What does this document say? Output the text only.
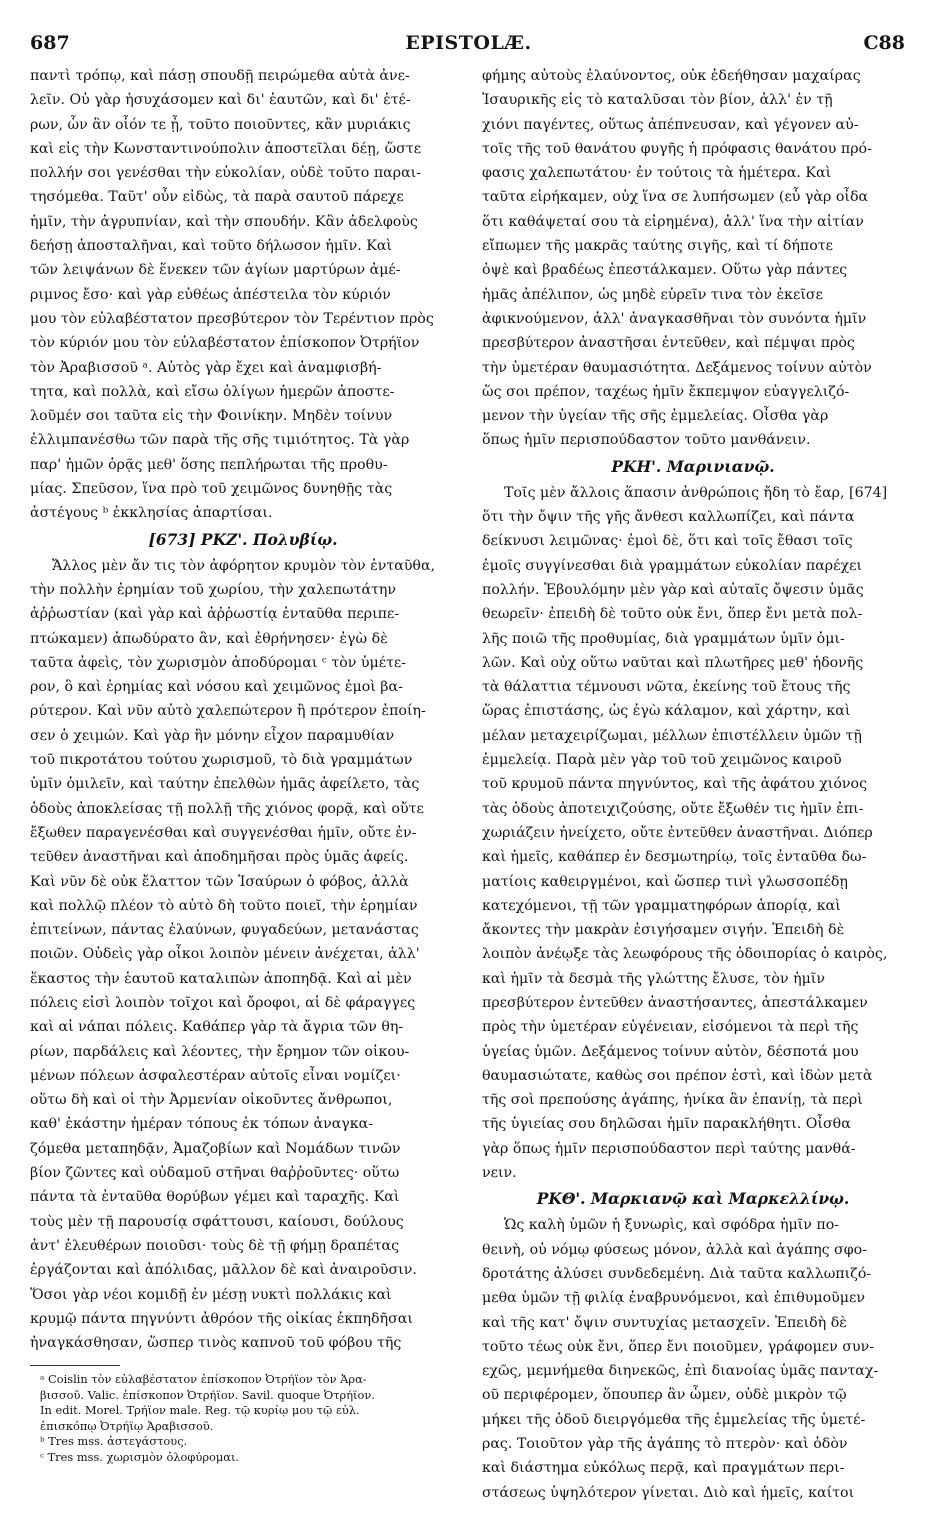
687	EPISTOLÆ.	C88
παντὶ τρόπῳ, καὶ πάσῃ σπουδῇ πειρώμεθα αὐτὰ ἀνε-
λεῖν. Οὐ γὰρ ἡσυχάσομεν καὶ δι' ἑαυτῶν, καὶ δι' ἑτέ-
ρων, ὧν ἂν οἷόν τε ᾖ, τοῦτο ποιοῦντες, κἂν μυριάκις
καὶ εἰς τὴν Κωνσταντινούπολιν ἀποστεῖλαι δέῃ, ὥστε
πολλήν σοι γενέσθαι τὴν εὐκολίαν, οὐδὲ τοῦτο παραι-
τησόμεθα. Ταῦτ' οὖν εἰδὼς, τὰ παρὰ σαυτοῦ πάρεχε
ἡμῖν, τὴν ἀγρυπνίαν, καὶ τὴν σπουδήν. Κἂν ἀδελφοὺς
δεήσῃ ἀποσταλῆναι, καὶ τοῦτο δήλωσον ἡμῖν. Καὶ
τῶν λειψάνων δὲ ἕνεκεν τῶν ἁγίων μαρτύρων ἀμέ-
ριμνος ἔσο· καὶ γὰρ εὐθέως ἀπέστειλα τὸν κύριόν
μου τὸν εὐλαβέστατον πρεσβύτερον τὸν Τερέντιον πρὸς
τὸν κύριόν μου τὸν εὐλαβέστατον ἐπίσκοπον Ὀτρήϊον
τὸν Ἀραβισσοῦ ᵃ. Αὐτὸς γὰρ ἔχει καὶ ἀναμφισβή-
τητα, καὶ πολλὰ, καὶ εἴσω ὀλίγων ἡμερῶν ἀποστε-
λοῦμέν σοι ταῦτα εἰς τὴν Φοινίκην. Μηδὲν τοίνυν
ἐλλιμπανέσθω τῶν παρὰ τῆς σῆς τιμιότητος. Τὰ γὰρ
παρ' ἡμῶν ὁρᾷς μεθ' ὅσης πεπλήρωται τῆς προθυ-
μίας. Σπεῦσον, ἵνα πρὸ τοῦ χειμῶνος δυνηθῇς τὰς
ἀστέγους ᵇ ἐκκλησίας ἀπαρτίσαι.
[673] ΡΚΖ'. Πολυβίῳ.
Ἄλλος μὲν ἄν τις τὸν ἀφόρητον κρυμὸν τὸν ἐνταῦθα,
τὴν πολλὴν ἐρημίαν τοῦ χωρίου, τὴν χαλεπωτάτην
ἀῤῥωστίαν (καὶ γὰρ καὶ ἀῤῥωστίᾳ ἐνταῦθα περιπε-
πτώκαμεν) ἀπωδύρατο ἂν, καὶ ἐθρήνησεν· ἐγὼ δὲ
ταῦτα ἀφεὶς, τὸν χωρισμὸν ἀποδύρομαι ᶜ τὸν ὑμέτε-
ρον, ὃ καὶ ἐρημίας καὶ νόσου καὶ χειμῶνος ἐμοὶ βα-
ρύτερον. Καὶ νῦν αὐτὸ χαλεπώτερον ἢ πρότερον ἐποίη-
σεν ὁ χειμών. Καὶ γὰρ ἣν μόνην εἶχον παραμυθίαν
τοῦ πικροτάτου τούτου χωρισμοῦ, τὸ διὰ γραμμάτων
ὑμῖν ὁμιλεῖν, καὶ ταύτην ἐπελθὼν ἡμᾶς ἀφείλετο, τὰς
ὁδοὺς ἀποκλείσας τῇ πολλῇ τῆς χιόνος φορᾷ, καὶ οὔτε
ἔξωθεν παραγενέσθαι καὶ συγγενέσθαι ἡμῖν, οὔτε ἐν-
τεῦθεν ἀναστῆναι καὶ ἀποδημῆσαι πρὸς ὑμᾶς ἀφείς.
Καὶ νῦν δὲ οὐκ ἔλαττον τῶν Ἰσαύρων ὁ φόβος, ἀλλὰ
καὶ πολλῷ πλέον τὸ αὐτὸ δὴ τοῦτο ποιεῖ, τὴν ἐρημίαν
ἐπιτείνων, πάντας ἐλαύνων, φυγαδεύων, μετανάστας
ποιῶν. Οὐδεὶς γὰρ οἶκοι λοιπὸν μένειν ἀνέχεται, ἀλλ'
ἕκαστος τὴν ἑαυτοῦ καταλιπὼν ἀποπηδᾷ. Καὶ αἱ μὲν
πόλεις εἰσὶ λοιπὸν τοῖχοι καὶ ὄροφοι, αἱ δὲ φάραγγες
καὶ αἱ νάπαι πόλεις. Καθάπερ γὰρ τὰ ἄγρια τῶν θη-
ρίων, παρδάλεις καὶ λέοντες, τὴν ἔρημον τῶν οἰκου-
μένων πόλεων ἀσφαλεστέραν αὐτοῖς εἶναι νομίζει·
οὕτω δὴ καὶ οἱ τὴν Ἀρμενίαν οἰκοῦντες ἄνθρωποι,
καθ' ἑκάστην ἡμέραν τόπους ἐκ τόπων ἀναγκα-
ζόμεθα μεταπηδᾷν, Ἀμαζοβίων καὶ Νομάδων τινῶν
βίον ζῶντες καὶ οὐδαμοῦ στῆναι θαῤῥοῦντες· οὕτω
πάντα τὰ ἐνταῦθα θορύβων γέμει καὶ ταραχῆς. Καὶ
τοὺς μὲν τῇ παρουσίᾳ σφάττουσι, καίουσι, δούλους
ἀντ' ἐλευθέρων ποιοῦσι· τοὺς δὲ τῇ φήμῃ δραπέτας
ἐργάζονται καὶ ἀπόλιδας, μᾶλλον δὲ καὶ ἀναιροῦσιν.
Ὅσοι γὰρ νέοι κομιδῇ ἐν μέσῃ νυκτὶ πολλάκις καὶ
κρυμῷ πάντα πηγνύντι ἀθρόον τῆς οἰκίας ἐκπηδῆσαι
ἠναγκάσθησαν, ὥσπερ τινὸς καπνοῦ τοῦ φόβου τῆς
ᵃ Coislin τὸν εὐλαβέστατον ἐπίσκοπον Ὀτρήϊον τὸν Ἀρα-
βισσοῦ. Valic. ἐπίσκοπον Ὀτρήϊον. Savil. quoque Ὀτρήϊον.
In edit. Morel. Τρήϊον male. Reg. τῷ κυρίῳ μου τῷ εὐλ.
ἐπισκόπῳ Ὀτρήϊῳ Ἀραβισσοῦ.
ᵇ Tres mss. ἀστεγάστους.
ᶜ Tres mss. χωρισμὸν ὀλοφύρομαι.
φήμης αὐτοὺς ἐλαύνοντος, οὐκ ἐδεήθησαν μαχαίρας
Ἰσαυρικῆς εἰς τὸ καταλῦσαι τὸν βίον, ἀλλ' ἐν τῇ
χιόνι παγέντες, οὕτως ἀπέπνευσαν, καὶ γέγονεν αὐ-
τοῖς τῆς τοῦ θανάτου φυγῆς ἡ πρόφασις θανάτου πρό-
φασις χαλεπωτάτου· ἐν τούτοις τὰ ἡμέτερα. Καὶ
ταῦτα εἰρήκαμεν, οὐχ ἵνα σε λυπήσωμεν (εὖ γὰρ οἶδα
ὅτι καθάψεταί σου τὰ εἰρημένα), ἀλλ' ἵνα τὴν αἰτίαν
εἴπωμεν τῆς μακρᾶς ταύτης σιγῆς, καὶ τί δήποτε
ὀψὲ καὶ βραδέως ἐπεστάλκαμεν. Οὕτω γὰρ πάντες
ἡμᾶς ἀπέλιπον, ὡς μηδὲ εὑρεῖν τινα τὸν ἐκεῖσε
ἀφικνούμενον, ἀλλ' ἀναγκασθῆναι τὸν συνόντα ἡμῖν
πρεσβύτερον ἀναστῆσαι ἐντεῦθεν, καὶ πέμψαι πρὸς
τὴν ὑμετέραν θαυμασιότητα. Δεξάμενος τοίνυν αὐτὸν
ὥς σοι πρέπον, ταχέως ἡμῖν ἔκπεμψον εὐαγγελιζό-
μενον τὴν ὑγείαν τῆς σῆς ἐμμελείας. Οἶσθα γὰρ
ὅπως ἡμῖν περισπούδαστον τοῦτο μανθάνειν.
ΡΚΗ'. Μαρινιανῷ.
Τοῖς μὲν ἄλλοις ἅπασιν ἀνθρώποις ἤδη τὸ ἔαρ, [674]
ὅτι τὴν ὄψιν τῆς γῆς ἄνθεσι καλλωπίζει, καὶ πάντα
δείκνυσι λειμῶνας· ἐμοὶ δὲ, ὅτι καὶ τοῖς ἔθασι τοῖς
ἐμοῖς συγγίνεσθαι διὰ γραμμάτων εὐκολίαν παρέχει
πολλήν. Ἐβουλόμην μὲν γὰρ καὶ αὐταῖς ὄψεσιν ὑμᾶς
θεωρεῖν· ἐπειδὴ δὲ τοῦτο οὐκ ἔνι, ὅπερ ἔνι μετὰ πολ-
λῆς ποιῶ τῆς προθυμίας, διὰ γραμμάτων ὑμῖν ὁμι-
λῶν. Καὶ οὐχ οὕτω ναῦται καὶ πλωτῆρες μεθ' ἡδονῆς
τὰ θάλαττια τέμνουσι νῶτα, ἐκείνης τοῦ ἔτους τῆς
ὥρας ἐπιστάσης, ὡς ἐγὼ κάλαμον, καὶ χάρτην, καὶ
μέλαν μεταχειρίζωμαι, μέλλων ἐπιστέλλειν ὑμῶν τῇ
ἐμμελείᾳ. Παρὰ μὲν γὰρ τοῦ τοῦ χειμῶνος καιροῦ
τοῦ κρυμοῦ πάντα πηγνύντος, καὶ τῆς ἀφάτου χιόνος
τὰς ὁδοὺς ἀποτειχιζούσης, οὔτε ἔξωθέν τις ἡμῖν ἐπι-
χωριάζειν ἠνείχετο, οὔτε ἐντεῦθεν ἀναστῆναι. Διόπερ
καὶ ἡμεῖς, καθάπερ ἐν δεσμωτηρίῳ, τοῖς ἐνταῦθα δω-
ματίοις καθειργμένοι, καὶ ὥσπερ τινὶ γλωσσοπέδῃ
κατεχόμενοι, τῇ τῶν γραμματηφόρων ἀπορίᾳ, καὶ
ἄκοντες τὴν μακρὰν ἐσιγήσαμεν σιγήν. Ἐπειδὴ δὲ
λοιπὸν ἀνέῳξε τὰς λεωφόρους τῆς ὁδοιπορίας ὁ καιρὸς,
καὶ ἡμῖν τὰ δεσμὰ τῆς γλώττης ἔλυσε, τὸν ἡμῖν
πρεσβύτερον ἐντεῦθεν ἀναστήσαντες, ἀπεστάλκαμεν
πρὸς τὴν ὑμετέραν εὐγένειαν, εἰσόμενοι τὰ περὶ τῆς
ὑγείας ὑμῶν. Δεξάμενος τοίνυν αὐτὸν, δέσποτά μου
θαυμασιώτατε, καθὼς σοι πρέπον ἐστὶ, καὶ ἰδὼν μετὰ
τῆς σοὶ πρεπούσης ἀγάπης, ἡνίκα ἂν ἐπανίῃ, τὰ περὶ
τῆς ὑγιείας σου δηλῶσαι ἡμῖν παρακλήθητι. Οἶσθα
γὰρ ὅπως ἡμῖν περισπούδαστον περὶ ταύτης μανθά-
νειν.
ΡΚΘ'. Μαρκιανῷ καὶ Μαρκελλίνῳ.
Ὡς καλὴ ὑμῶν ἡ ξυνωρὶς, καὶ σφόδρα ἡμῖν πο-
θεινὴ, οὐ νόμῳ φύσεως μόνον, ἀλλὰ καὶ ἀγάπης σφο-
δροτάτης ἁλύσει συνδεδεμένη. Διὰ ταῦτα καλλωπιζό-
μεθα ὑμῶν τῇ φιλίᾳ ἐναβρυνόμενοι, καὶ ἐπιθυμοῦμεν
καὶ τῆς κατ' ὄψιν συντυχίας μετασχεῖν. Ἐπειδὴ δὲ
τοῦτο τέως οὐκ ἔνι, ὅπερ ἔνι ποιοῦμεν, γράφομεν συν-
εχῶς, μεμνήμεθα διηνεκῶς, ἐπὶ διανοίας ὑμᾶς πανταχ-
οῦ περιφέρομεν, ὅπουπερ ἂν ὦμεν, οὐδὲ μικρὸν τῷ
μήκει τῆς ὁδοῦ διειργόμεθα τῆς ἐμμελείας τῆς ὑμετέ-
ρας. Τοιοῦτον γὰρ τῆς ἀγάπης τὸ πτερὸν· καὶ ὁδὸν
καὶ διάστημα εὐκόλως περᾷ, καὶ πραγμάτων περι-
στάσεως ὑψηλότερον γίνεται. Διὸ καὶ ἡμεῖς, καίτοι
